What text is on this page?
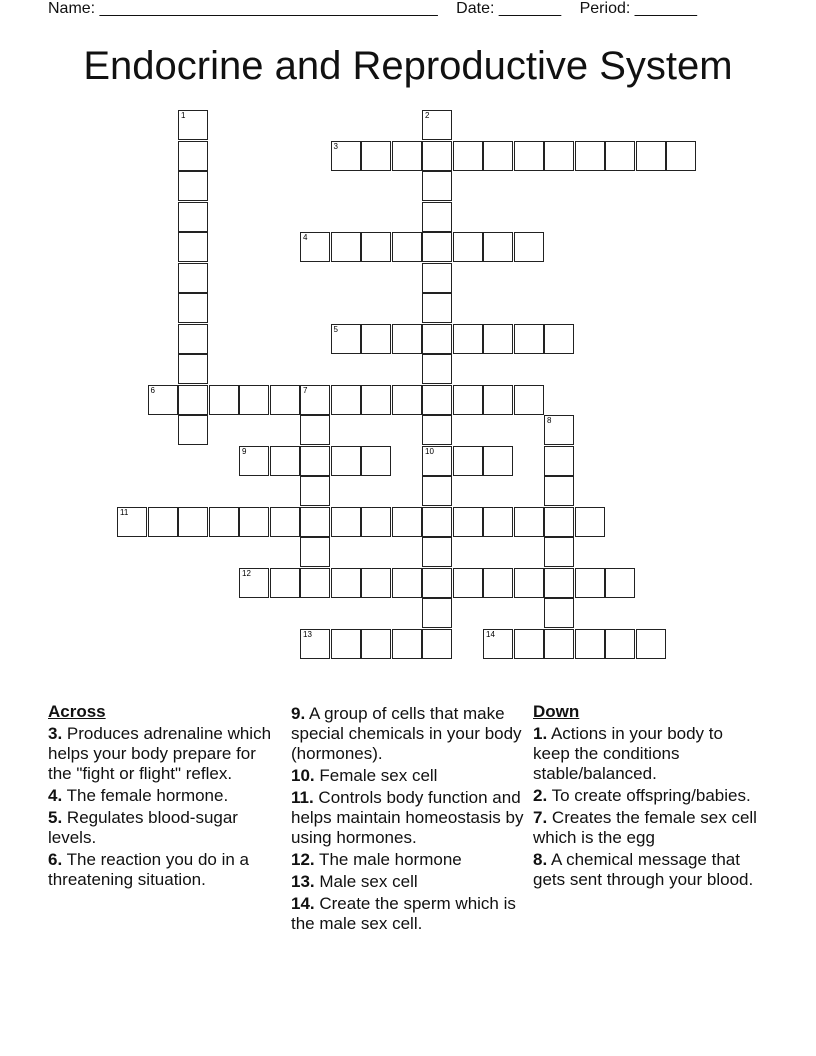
Name: ______________________________________ Date: _______ Period: _______
Endocrine and Reproductive System
1	2
10
3
4
5
6	7
8
9
11
12
13	14
Across
3. Produces adrenaline which helps your body prepare for the "fight or flight" reflex.
4. The female hormone.
5. Regulates blood-sugar levels.
6. The reaction you do in a threatening situation.
9. A group of cells that make special chemicals in your body (hormones).
10. Female sex cell
11. Controls body function and helps maintain homeostasis by using hormones.
12. The male hormone
13. Male sex cell
14. Create the sperm which is the male sex cell.
Down
1. Actions in your body to keep the conditions stable/balanced.
2. To create offspring/babies.
7. Creates the female sex cell which is the egg
8. A chemical message that gets sent through your blood.
